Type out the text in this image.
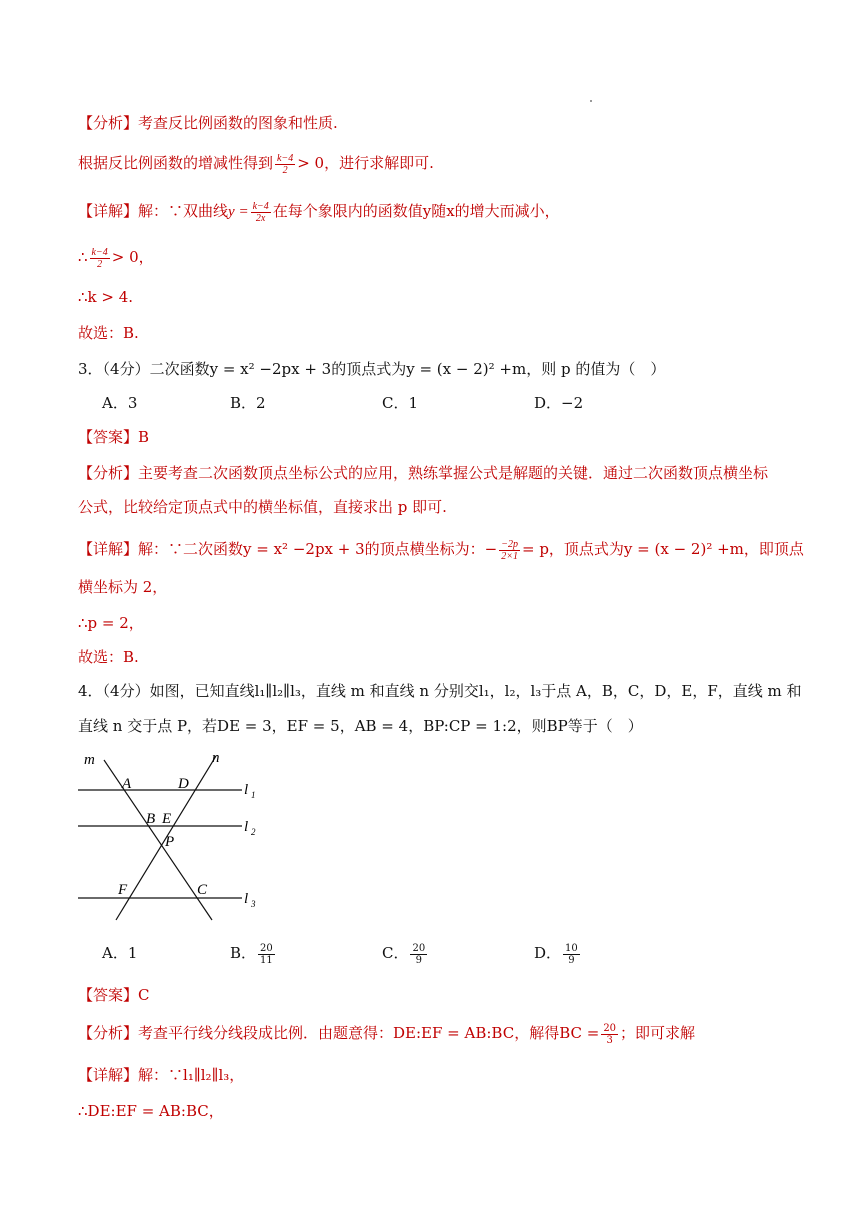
【分析】考查反比例函数的图象和性质.
根据反比例函数的增减性得到 $\frac{k-4}{2} > 0$，进行求解即可.
【详解】解：∵双曲线$y = \frac{k-4}{2x}$ 在每个象限内的函数值y随x的增大而减小，
∴ $\frac{k-4}{2} > 0$，
∴k > 4.
故选：B.
3．（4分）二次函数y = x² −2px + 3的顶点式为y = (x − 2)² +m，则 p 的值为（　）
A．3	B．2	C．1	D．−2
【答案】B
【分析】主要考查二次函数顶点坐标公式的应用，熟练掌握公式是解题的关键．通过二次函数顶点横坐标
公式，比较给定顶点式中的横坐标值，直接求出 p 即可.
【详解】解：∵二次函数y = x² −2px + 3的顶点横坐标为：− $\frac{-2p}{2\times 1} = p$，顶点式为y = (x − 2)² +m，即顶点
横坐标为 2，
∴p = 2，
故选：B.
4．（4分）如图，已知直线l₁∥l₂∥l₃，直线 m 和直线 n 分别交l₁，l₂，l₃于点 A，B，C，D，E，F，直线 m 和
直线 n 交于点 P，若DE = 3，EF = 5，AB = 4，BP:CP = 1:2，则BP等于（　）
m	n
A	D
B E
P
F	C
l 1
l 2
l 3
A．1	B． $\frac{20}{11}$	C． $\frac{20}{9}$	D． $\frac{10}{9}$
【答案】C
【分析】考查平行线分线段成比例．由题意得：DE:EF = AB:BC，解得BC = $\frac{20}{3}$ ；即可求解
【详解】解：∵l₁∥l₂∥l₃，
∴DE:EF = AB:BC，
